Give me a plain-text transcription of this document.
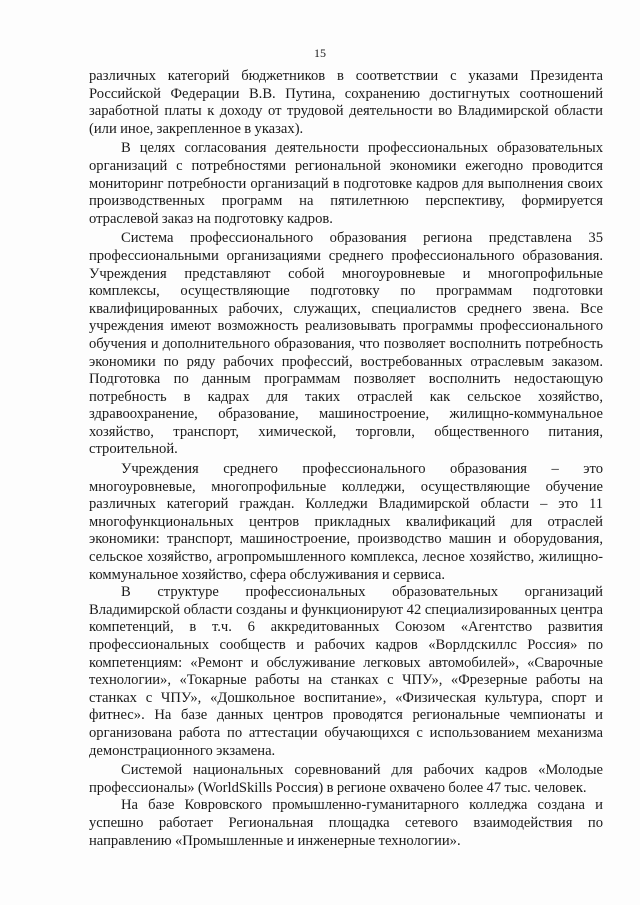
15

различных категорий бюджетников в соответствии с указами Президента Российской Федерации В.В. Путина, сохранению достигнутых соотношений заработной платы к доходу от трудовой деятельности во Владимирской области (или иное, закрепленное в указах).

В целях согласования деятельности профессиональных образовательных организаций с потребностями региональной экономики ежегодно проводится мониторинг потребности организаций в подготовке кадров для выполнения своих производственных программ на пятилетнюю перспективу, формируется отраслевой заказ на подготовку кадров.

Система профессионального образования региона представлена 35 профессиональными организациями среднего профессионального образования. Учреждения представляют собой многоуровневые и многопрофильные комплексы, осуществляющие подготовку по программам подготовки квалифицированных рабочих, служащих, специалистов среднего звена. Все учреждения имеют возможность реализовывать программы профессионального обучения и дополнительного образования, что позволяет восполнить потребность экономики по ряду рабочих профессий, востребованных отраслевым заказом. Подготовка по данным программам позволяет восполнить недостающую потребность в кадрах для таких отраслей как сельское хозяйство, здравоохранение, образование, машиностроение, жилищно-коммунальное хозяйство, транспорт, химической, торговли, общественного питания, строительной.

Учреждения среднего профессионального образования – это многоуровневые, многопрофильные колледжи, осуществляющие обучение различных категорий граждан. Колледжи Владимирской области – это 11 многофункциональных центров прикладных квалификаций для отраслей экономики: транспорт, машиностроение, производство машин и оборудования, сельское хозяйство, агропромышленного комплекса, лесное хозяйство, жилищно-коммунальное хозяйство, сфера обслуживания и сервиса.

В структуре профессиональных образовательных организаций Владимирской области созданы и функционируют 42 специализированных центра компетенций, в т.ч. 6 аккредитованных Союзом «Агентство развития профессиональных сообществ и рабочих кадров «Ворлдскиллс Россия» по компетенциям: «Ремонт и обслуживание легковых автомобилей», «Сварочные технологии», «Токарные работы на станках с ЧПУ», «Фрезерные работы на станках с ЧПУ», «Дошкольное воспитание», «Физическая культура, спорт и фитнес». На базе данных центров проводятся региональные чемпионаты и организована работа по аттестации обучающихся с использованием механизма демонстрационного экзамена.

Системой национальных соревнований для рабочих кадров «Молодые профессионалы» (WorldSkills Россия) в регионе охвачено более 47 тыс. человек.

На базе Ковровского промышленно-гуманитарного колледжа создана и успешно работает Региональная площадка сетевого взаимодействия по направлению «Промышленные и инженерные технологии».
